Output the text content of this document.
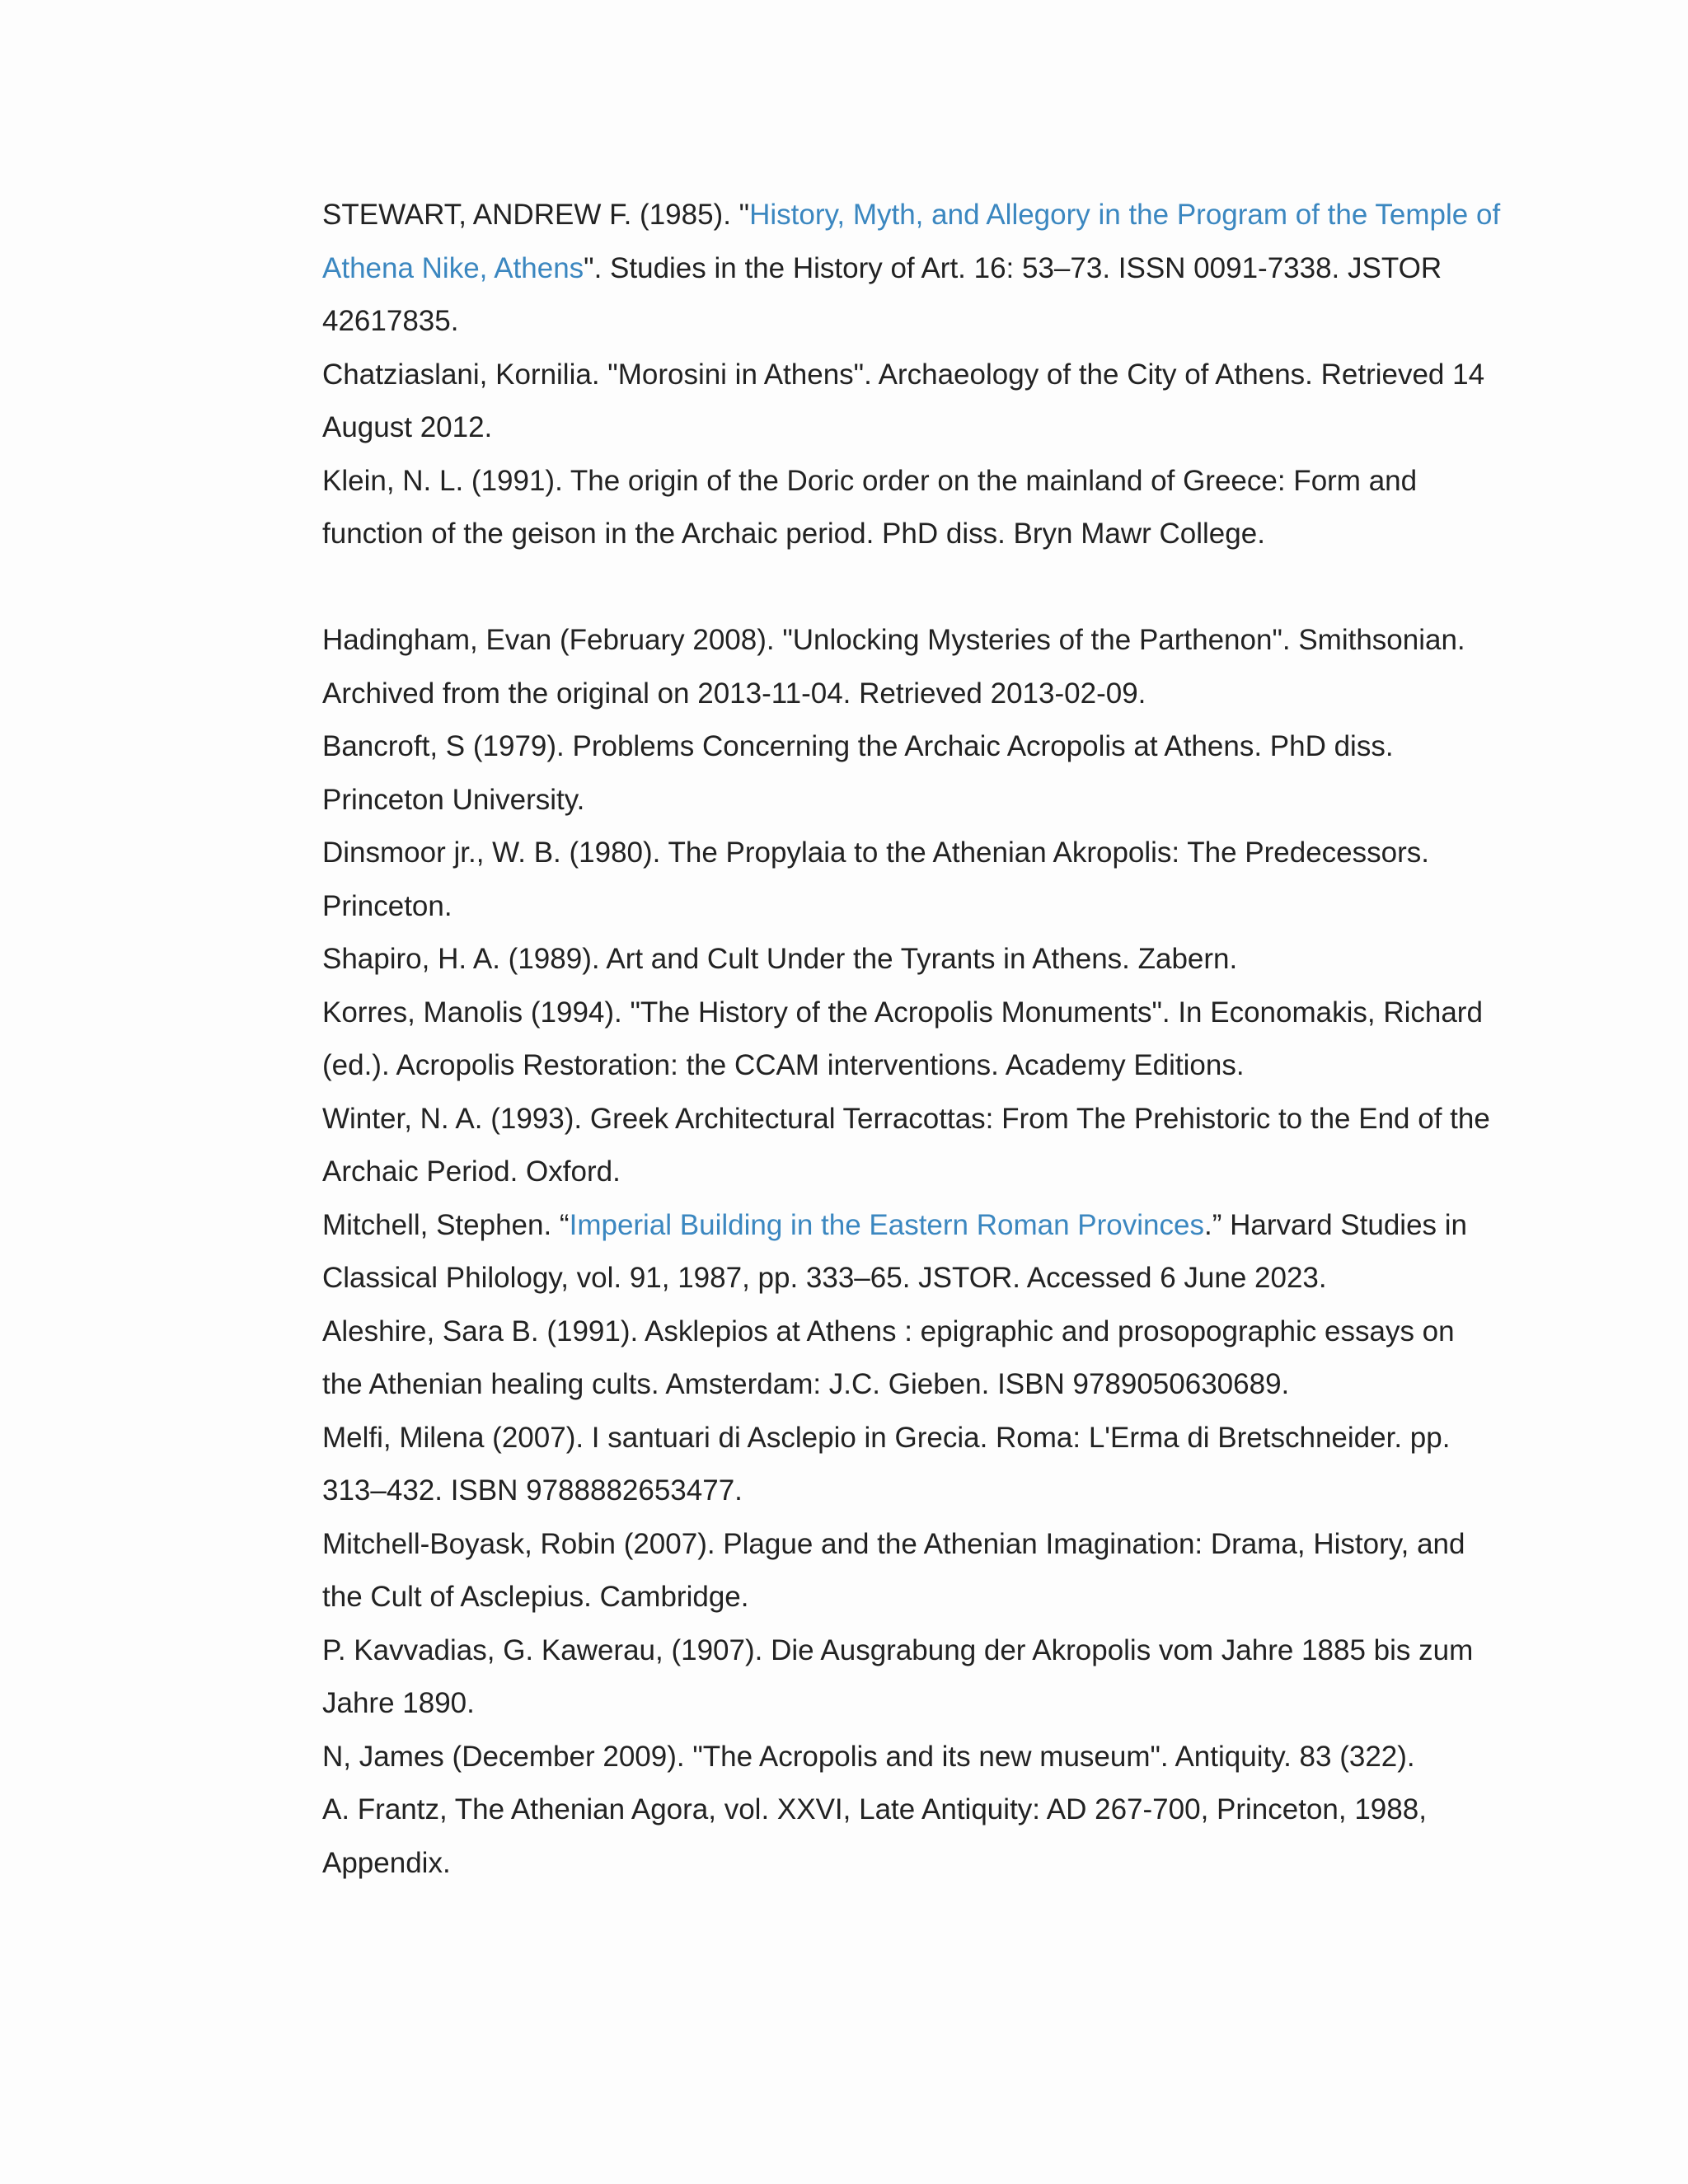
STEWART, ANDREW F. (1985). "History, Myth, and Allegory in the Program of the Temple of Athena Nike, Athens". Studies in the History of Art. 16: 53–73. ISSN 0091-7338. JSTOR 42617835.
Chatziaslani, Kornilia. "Morosini in Athens". Archaeology of the City of Athens. Retrieved 14 August 2012.
Klein, N. L. (1991). The origin of the Doric order on the mainland of Greece: Form and function of the geison in the Archaic period. PhD diss. Bryn Mawr College.
Hadingham, Evan (February 2008). "Unlocking Mysteries of the Parthenon". Smithsonian. Archived from the original on 2013-11-04. Retrieved 2013-02-09.
Bancroft, S (1979). Problems Concerning the Archaic Acropolis at Athens. PhD diss. Princeton University.
Dinsmoor jr., W. B. (1980). The Propylaia to the Athenian Akropolis: The Predecessors. Princeton.
Shapiro, H. A. (1989). Art and Cult Under the Tyrants in Athens. Zabern.
Korres, Manolis (1994). "The History of the Acropolis Monuments". In Economakis, Richard (ed.). Acropolis Restoration: the CCAM interventions. Academy Editions.
Winter, N. A. (1993). Greek Architectural Terracottas: From The Prehistoric to the End of the Archaic Period. Oxford.
Mitchell, Stephen. “Imperial Building in the Eastern Roman Provinces.” Harvard Studies in Classical Philology, vol. 91, 1987, pp. 333–65. JSTOR. Accessed 6 June 2023.
Aleshire, Sara B. (1991). Asklepios at Athens : epigraphic and prosopographic essays on the Athenian healing cults. Amsterdam: J.C. Gieben. ISBN 9789050630689.
Melfi, Milena (2007). I santuari di Asclepio in Grecia. Roma: L'Erma di Bretschneider. pp. 313–432. ISBN 9788882653477.
Mitchell-Boyask, Robin (2007). Plague and the Athenian Imagination: Drama, History, and the Cult of Asclepius. Cambridge.
P. Kavvadias, G. Kawerau, (1907). Die Ausgrabung der Akropolis vom Jahre 1885 bis zum Jahre 1890.
N, James (December 2009). "The Acropolis and its new museum". Antiquity. 83 (322).
A. Frantz, The Athenian Agora, vol. XXVI, Late Antiquity: AD 267-700, Princeton, 1988, Appendix.
